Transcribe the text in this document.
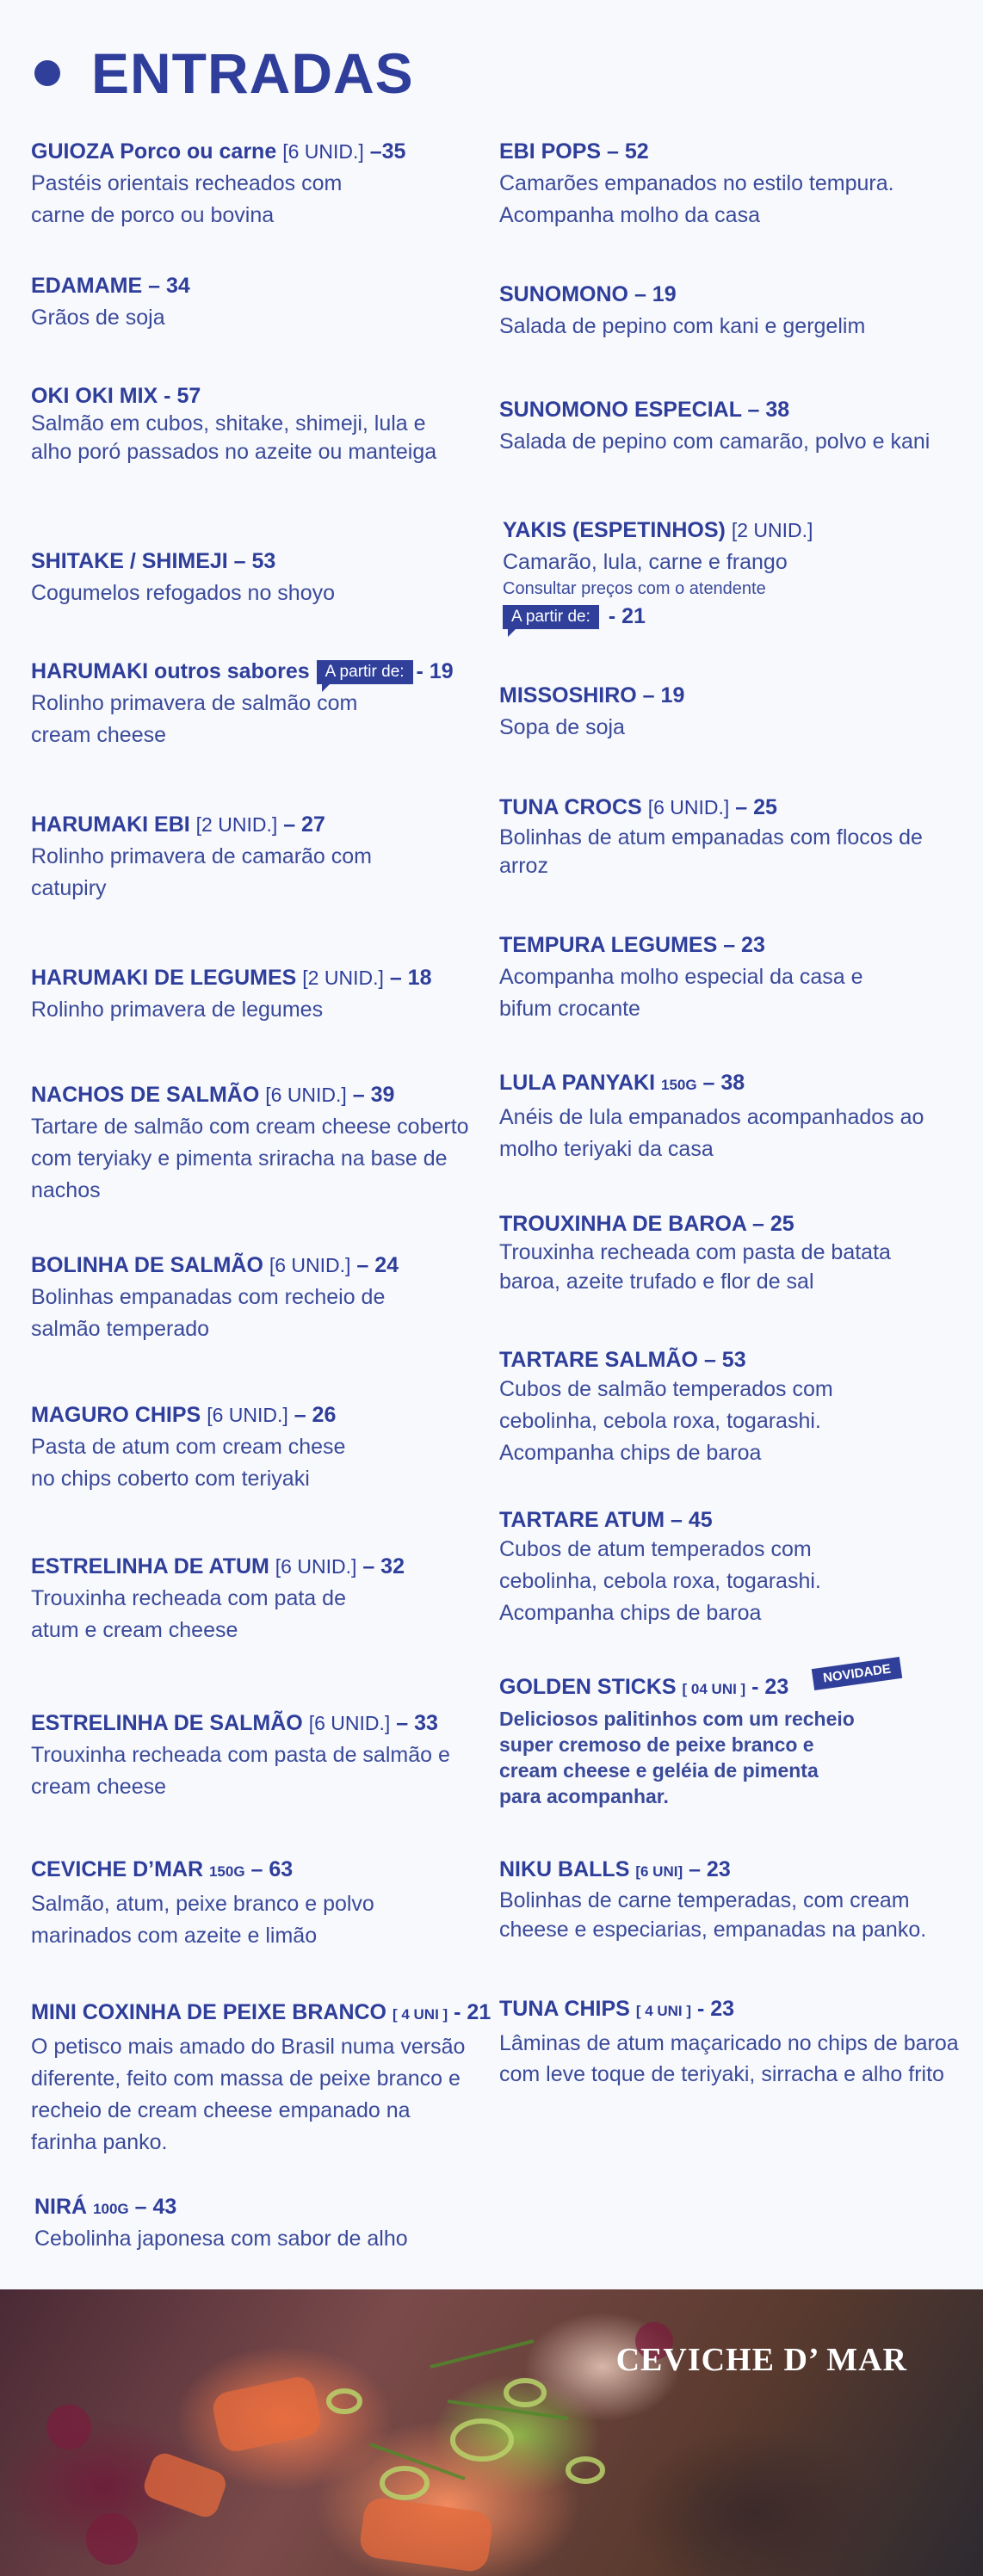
ENTRADAS
GUIOZA Porco ou carne [6 UNID.] –35
Pastéis orientais recheados com carne de porco ou bovina
EDAMAME – 34
Grãos de soja
OKI OKI MIX - 57
Salmão em cubos, shitake, shimeji, lula e alho poró passados no azeite ou manteiga
SHITAKE / SHIMEJI – 53
Cogumelos refogados no shoyo
HARUMAKI outros sabores A partir de: - 19
Rolinho primavera de salmão com cream cheese
HARUMAKI EBI [2 UNID.] – 27
Rolinho primavera de camarão com catupiry
HARUMAKI DE LEGUMES [2 UNID.] – 18
Rolinho primavera de legumes
NACHOS DE SALMÃO [6 UNID.] – 39
Tartare de salmão com cream cheese coberto com teryiaky e pimenta sriracha na base de nachos
BOLINHA DE SALMÃO [6 UNID.] – 24
Bolinhas empanadas com recheio de salmão temperado
MAGURO CHIPS [6 UNID.] – 26
Pasta de atum com cream chese no chips coberto com teriyaki
ESTRELINHA DE ATUM [6 UNID.] – 32
Trouxinha recheada com pata de atum e cream cheese
ESTRELINHA DE SALMÃO [6 UNID.] – 33
Trouxinha recheada com pasta de salmão e cream cheese
CEVICHE D’MAR 150G – 63
Salmão, atum, peixe branco e polvo marinados com azeite e limão
MINI COXINHA DE PEIXE BRANCO [ 4 UNI ] - 21
O petisco mais amado do Brasil numa versão diferente, feito com massa de peixe branco e recheio de cream cheese empanado na farinha panko.
NIRÁ 100G – 43
Cebolinha japonesa com sabor de alho
EBI POPS – 52
Camarões empanados no estilo tempura. Acompanha molho da casa
SUNOMONO – 19
Salada de pepino com kani e gergelim
SUNOMONO ESPECIAL – 38
Salada de pepino com camarão, polvo e kani
YAKIS (ESPETINHOS) [2 UNID.]
Camarão, lula, carne e frango
Consultar preços com o atendente
A partir de: - 21
MISSOSHIRO – 19
Sopa de soja
TUNA CROCS [6 UNID.] – 25
Bolinhas de atum empanadas com flocos de arroz
TEMPURA LEGUMES – 23
Acompanha molho especial da casa e bifum crocante
LULA PANYAKI 150G – 38
Anéis de lula empanados acompanhados ao molho teriyaki da casa
TROUXINHA DE BAROA – 25
Trouxinha recheada com pasta de batata baroa, azeite trufado e flor de sal
TARTARE SALMÃO – 53
Cubos de salmão temperados com cebolinha, cebola roxa, togarashi. Acompanha chips de baroa
TARTARE ATUM – 45
Cubos de atum temperados com cebolinha, cebola roxa, togarashi. Acompanha chips de baroa
GOLDEN STICKS [ 04 UNI ] - 23
Deliciosos palitinhos com um recheio super cremoso de peixe branco e cream cheese e geléia de pimenta para acompanhar.
NOVIDADE
NIKU BALLS [6 UNI] – 23
Bolinhas de carne temperadas, com cream cheese e especiarias, empanadas na panko.
TUNA CHIPS [ 4 UNI ] - 23
Lâminas de atum maçaricado no chips de baroa com leve toque de teriyaki, sirracha e alho frito
CEVICHE D’ MAR
